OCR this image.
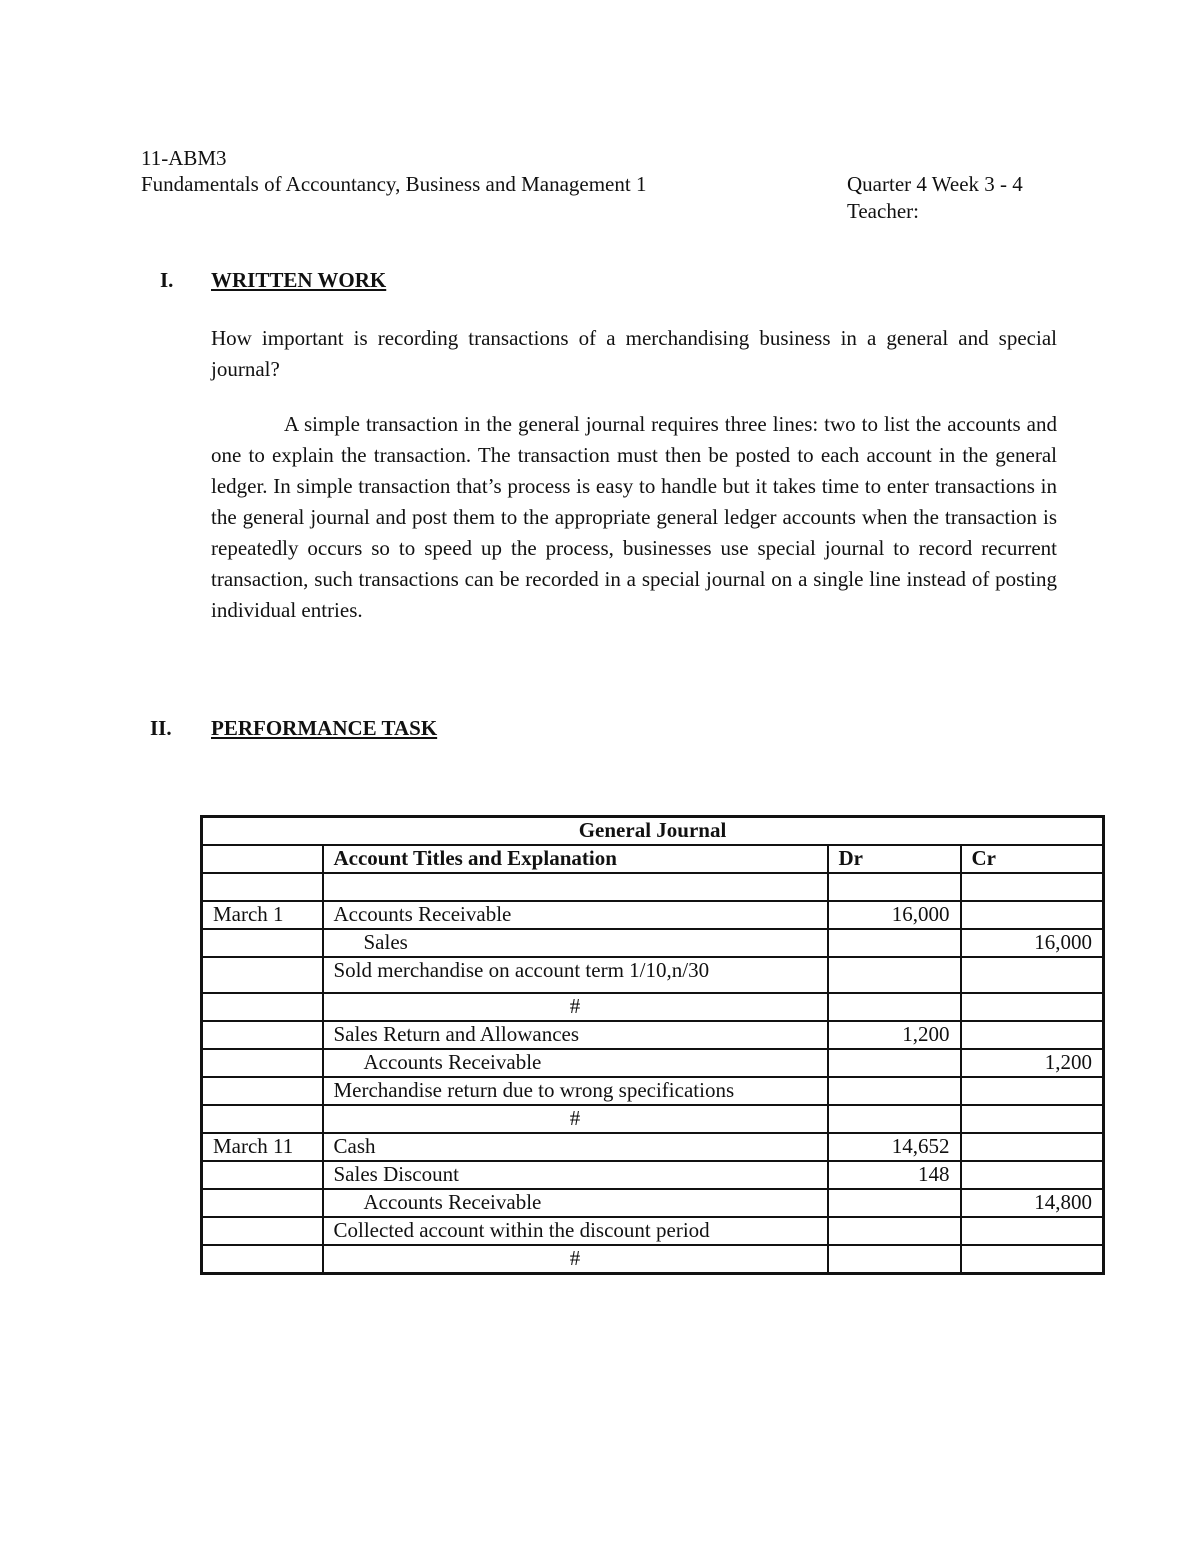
11-ABM3
Fundamentals of Accountancy, Business and Management 1	Quarter 4 Week 3 - 4
Teacher:
I. WRITTEN WORK
How important is recording transactions of a merchandising business in a general and special journal?
A simple transaction in the general journal requires three lines: two to list the accounts and one to explain the transaction. The transaction must then be posted to each account in the general ledger. In simple transaction that’s process is easy to handle but it takes time to enter transactions in the general journal and post them to the appropriate general ledger accounts when the transaction is repeatedly occurs so to speed up the process, businesses use special journal to record recurrent transaction, such transactions can be recorded in a special journal on a single line instead of posting individual entries.
II. PERFORMANCE TASK
General Journal			
	Account Titles and Explanation	Dr	Cr

March 1	Accounts Receivable	16,000	
	Sales		16,000
	Sold merchandise on account term 1/10,n/30		
	#		
	Sales Return and Allowances	1,200	
	Accounts Receivable		1,200
	Merchandise return due to wrong specifications		
	#		
March 11	Cash	14,652	
	Sales Discount	148	
	Accounts Receivable		14,800
	Collected account within the discount period		
	#		
